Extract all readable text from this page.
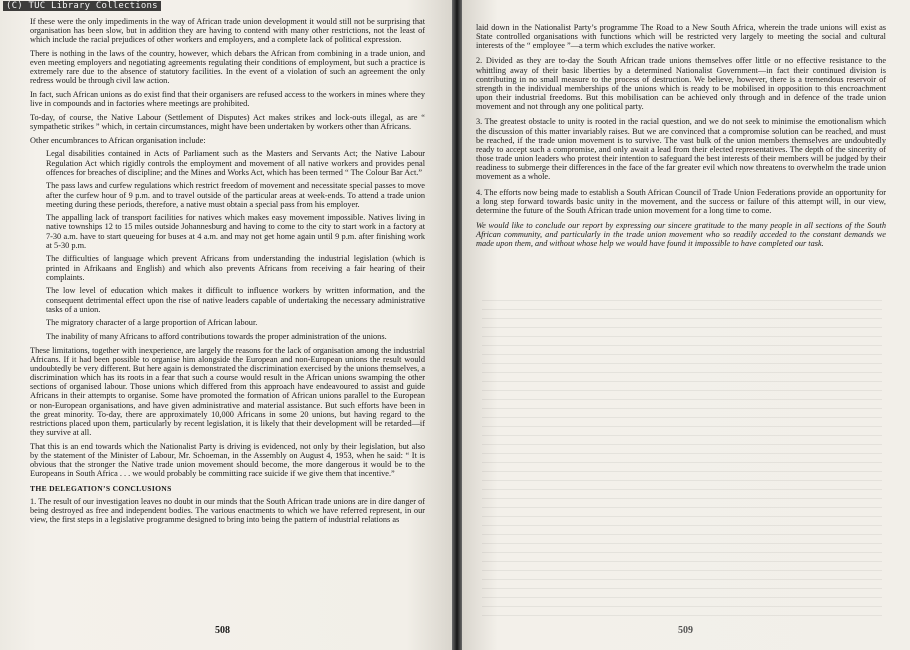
(C) TUC Library Collections

If these were the only impediments in the way of African trade union development it would still not be surprising that organisation has been slow, but in addition they are having to contend with many other restrictions, not the least of which include the racial prejudices of other workers and employers, and a complete lack of political expression.

There is nothing in the laws of the country, however, which debars the African from combining in a trade union, and even meeting employers and negotiating agreements regulating their conditions of employment, but such a practice is extremely rare due to the absence of statutory facilities. In the event of a violation of such an agreement the only redress would be through civil law action.

In fact, such African unions as do exist find that their organisers are refused access to the workers in mines where they live in compounds and in factories where meetings are prohibited.

To-day, of course, the Native Labour (Settlement of Disputes) Act makes strikes and lock-outs illegal, as are “ sympathetic strikes ” which, in certain circumstances, might have been undertaken by workers other than Africans.

Other encumbrances to African organisation include:

Legal disabilities contained in Acts of Parliament such as the Masters and Servants Act; the Native Labour Regulation Act which rigidly controls the employment and movement of all native workers and provides penal offences for breaches of discipline; and the Mines and Works Act, which has been termed “ The Colour Bar Act.”

The pass laws and curfew regulations which restrict freedom of movement and necessitate special passes to move after the curfew hour of 9 p.m. and to travel outside of the particular areas at week-ends. To attend a trade union meeting during these periods, therefore, a native must obtain a special pass from his employer.

The appalling lack of transport facilities for natives which makes easy movement impossible. Natives living in native townships 12 to 15 miles outside Johannesburg and having to come to the city to start work in a factory at 7-30 a.m. have to start queueing for buses at 4 a.m. and may not get home again until 9 p.m. after finishing work at 5-30 p.m.

The difficulties of language which prevent Africans from understanding the industrial legislation (which is printed in Afrikaans and English) and which also prevents Africans from receiving a fair hearing of their complaints.

The low level of education which makes it difficult to influence workers by written information, and the consequent detrimental effect upon the rise of native leaders capable of undertaking the necessary administrative tasks of a union.

The migratory character of a large proportion of African labour.

The inability of many Africans to afford contributions towards the proper administration of the unions.

These limitations, together with inexperience, are largely the reasons for the lack of organisation among the industrial Africans. If it had been possible to organise him alongside the European and non-European unions the result would undoubtedly be very different. But here again is demonstrated the discrimination exercised by the unions themselves, a discrimination which has its roots in a fear that such a course would result in the African unions swamping the other sections of organised labour. Those unions which differed from this approach have endeavoured to assist and guide Africans in their attempts to organise. Some have promoted the formation of African unions parallel to the European or non-European organisations, and have given administrative and material assistance. But such efforts have been in the great minority. To-day, there are approximately 10,000 Africans in some 20 unions, but having regard to the restrictions placed upon them, particularly by recent legislation, it is likely that their development will be retarded—if they survive at all.

That this is an end towards which the Nationalist Party is driving is evidenced, not only by their legislation, but also by the statement of the Minister of Labour, Mr. Schoeman, in the Assembly on August 4, 1953, when he said: “ It is obvious that the stronger the Native trade union movement should become, the more dangerous it would be to the Europeans in South Africa . . . we would probably be committing race suicide if we give them that incentive.”

THE DELEGATION’S CONCLUSIONS

1. The result of our investigation leaves no doubt in our minds that the South African trade unions are in dire danger of being destroyed as free and independent bodies. The various enactments to which we have referred represent, in our view, the first steps in a legislative programme designed to bring into being the pattern of industrial relations as

508

laid down in the Nationalist Party’s programme The Road to a New South Africa, wherein the trade unions will exist as State controlled organisations with functions which will be restricted very largely to meeting the social and cultural interests of the “ employee ”—a term which excludes the native worker.

2. Divided as they are to-day the South African trade unions themselves offer little or no effective resistance to the whittling away of their basic liberties by a determined Nationalist Government—in fact their continued division is contributing in no small measure to the process of destruction. We believe, however, there is a tremendous reservoir of strength in the individual memberships of the unions which is ready to be mobilised in opposition to this encroachment upon their industrial freedoms. But this mobilisation can be achieved only through and in defence of the trade union movement and not through any one political party.

3. The greatest obstacle to unity is rooted in the racial question, and we do not seek to minimise the emotionalism which the discussion of this matter invariably raises. But we are convinced that a compromise solution can be reached, and must be reached, if the trade union movement is to survive. The vast bulk of the union members themselves are undoubtedly ready to accept such a compromise, and only await a lead from their elected representatives. The depth of the sincerity of those trade union leaders who protest their intention to safeguard the best interests of their members will be judged by their readiness to submerge their differences in the face of the far greater evil which now threatens to overwhelm the trade union movement as a whole.

4. The efforts now being made to establish a South African Council of Trade Union Federations provide an opportunity for a long step forward towards basic unity in the movement, and the success or failure of this attempt will, in our view, determine the future of the South African trade union movement for a long time to come.

We would like to conclude our report by expressing our sincere gratitude to the many people in all sections of the South African community, and particularly in the trade union movement who so readily acceded to the constant demands we made upon them, and without whose help we would have found it impossible to have completed our task.

509
